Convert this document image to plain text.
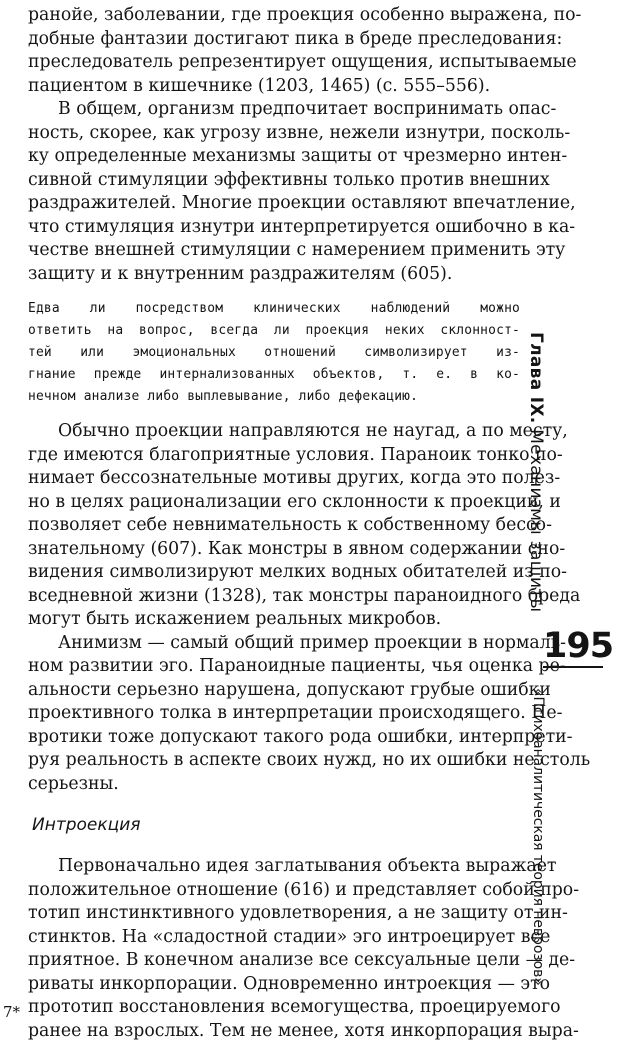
ранойе, заболевании, где проекция особенно выражена, по-
добные фантазии достигают пика в бреде преследования:
преследователь репрезентирует ощущения, испытываемые
пациентом в кишечнике (1203, 1465) (с. 555–556).
В общем, организм предпочитает воспринимать опас-
ность, скорее, как угрозу извне, нежели изнутри, посколь-
ку определенные механизмы защиты от чрезмерно интен-
сивной стимуляции эффективны только против внешних
раздражителей. Многие проекции оставляют впечатление,
что стимуляция изнутри интерпретируется ошибочно в ка-
честве внешней стимуляции с намерением применить эту
защиту и к внутренним раздражителям (605).
Едва ли посредством клинических наблюдений можно
ответить на вопрос, всегда ли проекция неких склонност-
тей или эмоциональных отношений символизирует из-
гнание прежде интернализованных объектов, т. е. в ко-
нечном анализе либо выплевывание, либо дефекацию.
Обычно проекции направляются не наугад, а по месту,
где имеются благоприятные условия. Параноик тонко по-
нимает бессознательные мотивы других, когда это полез-
но в целях рационализации его склонности к проекции, и
позволяет себе невнимательность к собственному бессо-
знательному (607). Как монстры в явном содержании сно-
видения символизируют мелких водных обитателей из по-
вседневной жизни (1328), так монстры параноидного бреда
могут быть искажением реальных микробов.
Анимизм — самый общий пример проекции в нормаль-
ном развитии эго. Параноидные пациенты, чья оценка ре-
альности серьезно нарушена, допускают грубые ошибки
проективного толка в интерпретации происходящего. Не-
вротики тоже допускают такого рода ошибки, интерпрети-
руя реальность в аспекте своих нужд, но их ошибки не столь
серьезны.
Интроекция
Первоначально идея заглатывания объекта выражает
положительное отношение (616) и представляет собой про-
тотип инстинктивного удовлетворения, а не защиту от ин-
стинктов. На «сладостной стадии» эго интроецирует все
приятное. В конечном анализе все сексуальные цели — де-
риваты инкорпорации. Одновременно интроекция — это
прототип восстановления всемогущества, проецируемого
ранее на взрослых. Тем не менее, хотя инкорпорация выра-
Глава IX. Механизмы защиты
195
«Психоаналитическая теория неврозов»
7*
